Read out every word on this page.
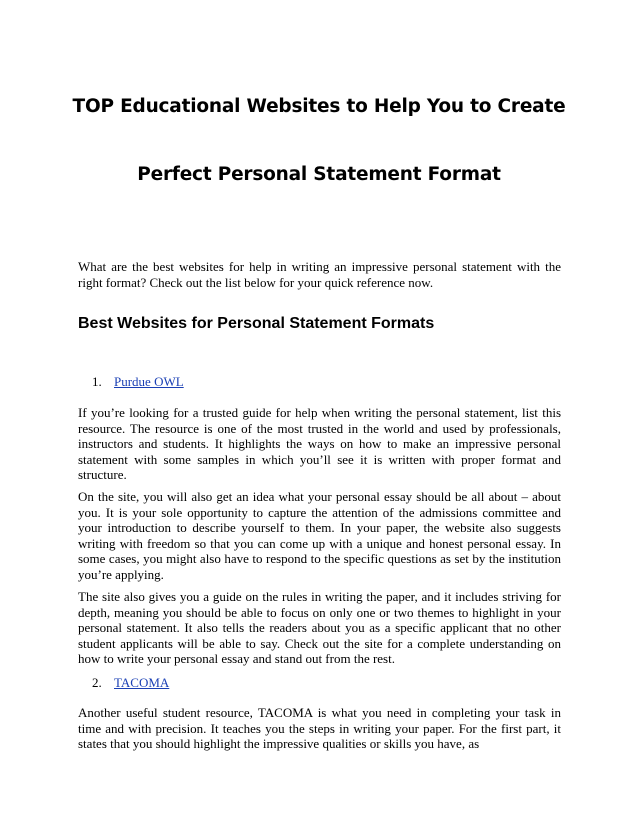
TOP Educational Websites to Help You to Create
Perfect Personal Statement Format

What are the best websites for help in writing an impressive personal statement with the right format? Check out the list below for your quick reference now.

Best Websites for Personal Statement Formats
1. Purdue OWL

If you’re looking for a trusted guide for help when writing the personal statement, list this resource. The resource is one of the most trusted in the world and used by professionals, instructors and students. It highlights the ways on how to make an impressive personal statement with some samples in which you’ll see it is written with proper format and structure.

On the site, you will also get an idea what your personal essay should be all about – about you. It is your sole opportunity to capture the attention of the admissions committee and your introduction to describe yourself to them. In your paper, the website also suggests writing with freedom so that you can come up with a unique and honest personal essay. In some cases, you might also have to respond to the specific questions as set by the institution you’re applying.

The site also gives you a guide on the rules in writing the paper, and it includes striving for depth, meaning you should be able to focus on only one or two themes to highlight in your personal statement. It also tells the readers about you as a specific applicant that no other student applicants will be able to say. Check out the site for a complete understanding on how to write your personal essay and stand out from the rest.

2. TACOMA

Another useful student resource, TACOMA is what you need in completing your task in time and with precision. It teaches you the steps in writing your paper. For the first part, it states that you should highlight the impressive qualities or skills you have, as
